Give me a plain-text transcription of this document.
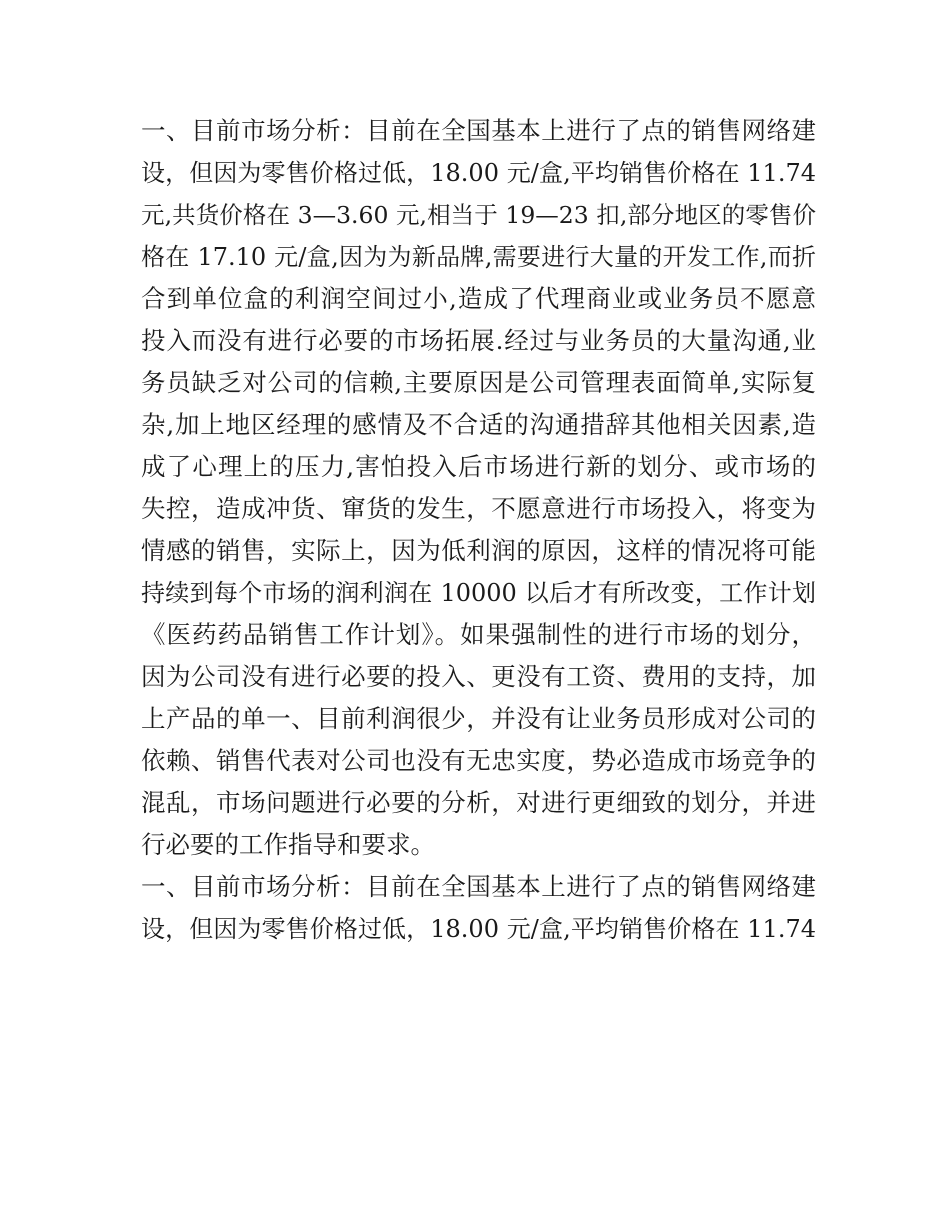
一、目前市场分析：目前在全国基本上进行了点的销售网络建
设，但因为零售价格过低，18.00 元/盒,平均销售价格在 11.74
元,共货价格在 3—3.60 元,相当于 19—23 扣,部分地区的零售价
格在 17.10 元/盒,因为为新品牌,需要进行大量的开发工作,而折
合到单位盒的利润空间过小,造成了代理商业或业务员不愿意
投入而没有进行必要的市场拓展.经过与业务员的大量沟通,业
务员缺乏对公司的信赖,主要原因是公司管理表面简单,实际复
杂,加上地区经理的感情及不合适的沟通措辞其他相关因素,造
成了心理上的压力,害怕投入后市场进行新的划分、或市场的
失控，造成冲货、窜货的发生，不愿意进行市场投入，将变为
情感的销售，实际上，因为低利润的原因，这样的情况将可能
持续到每个市场的润利润在 10000 以后才有所改变，工作计划
《医药药品销售工作计划》。如果强制性的进行市场的划分，
因为公司没有进行必要的投入、更没有工资、费用的支持，加
上产品的单一、目前利润很少，并没有让业务员形成对公司的
依赖、销售代表对公司也没有无忠实度，势必造成市场竞争的
混乱，市场问题进行必要的分析，对进行更细致的划分，并进
行必要的工作指导和要求。
一、目前市场分析：目前在全国基本上进行了点的销售网络建
设，但因为零售价格过低，18.00 元/盒,平均销售价格在 11.74
